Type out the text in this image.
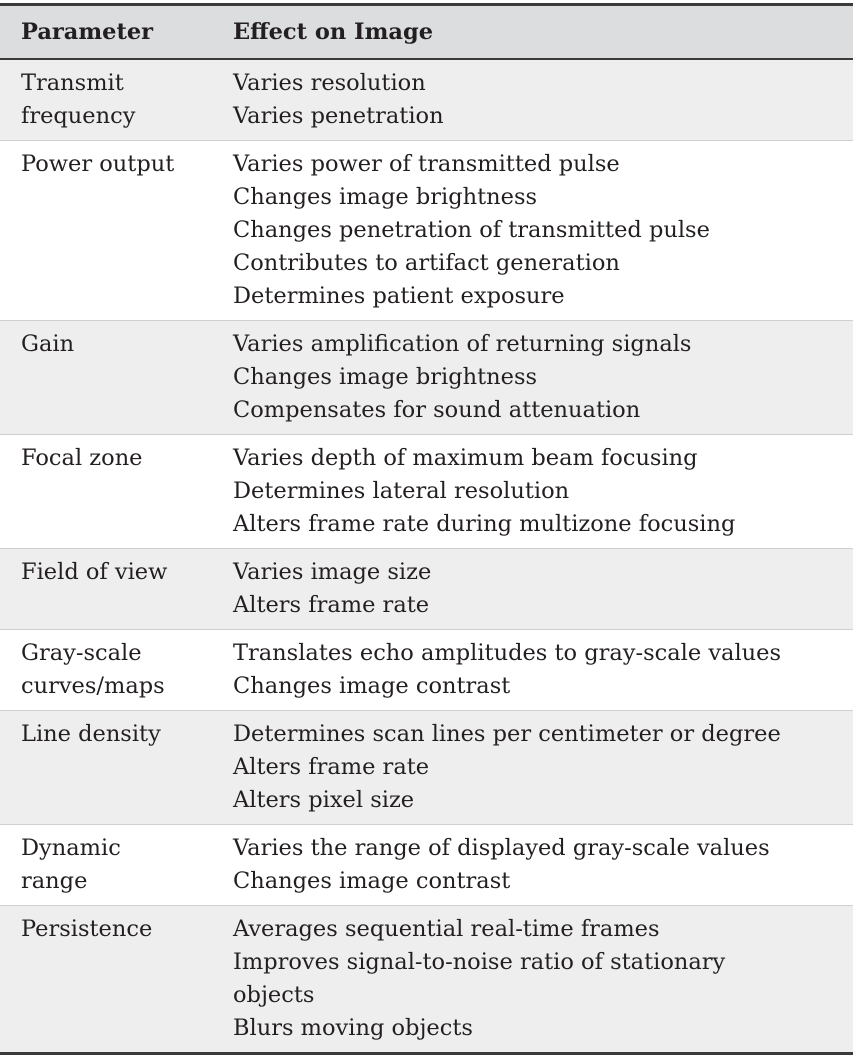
Parameter	Effect on Image

Transmit
frequency	Varies resolution
Varies penetration

Power output	Varies power of transmitted pulse
Changes image brightness
Changes penetration of transmitted pulse
Contributes to artifact generation
Determines patient exposure

Gain	Varies amplification of returning signals
Changes image brightness
Compensates for sound attenuation

Focal zone	Varies depth of maximum beam focusing
Determines lateral resolution
Alters frame rate during multizone focusing

Field of view	Varies image size
Alters frame rate

Gray-scale
curves/maps	Translates echo amplitudes to gray-scale values
Changes image contrast

Line density	Determines scan lines per centimeter or degree
Alters frame rate
Alters pixel size

Dynamic
range	Varies the range of displayed gray-scale values
Changes image contrast

Persistence	Averages sequential real-time frames
Improves signal-to-noise ratio of stationary
objects
Blurs moving objects
